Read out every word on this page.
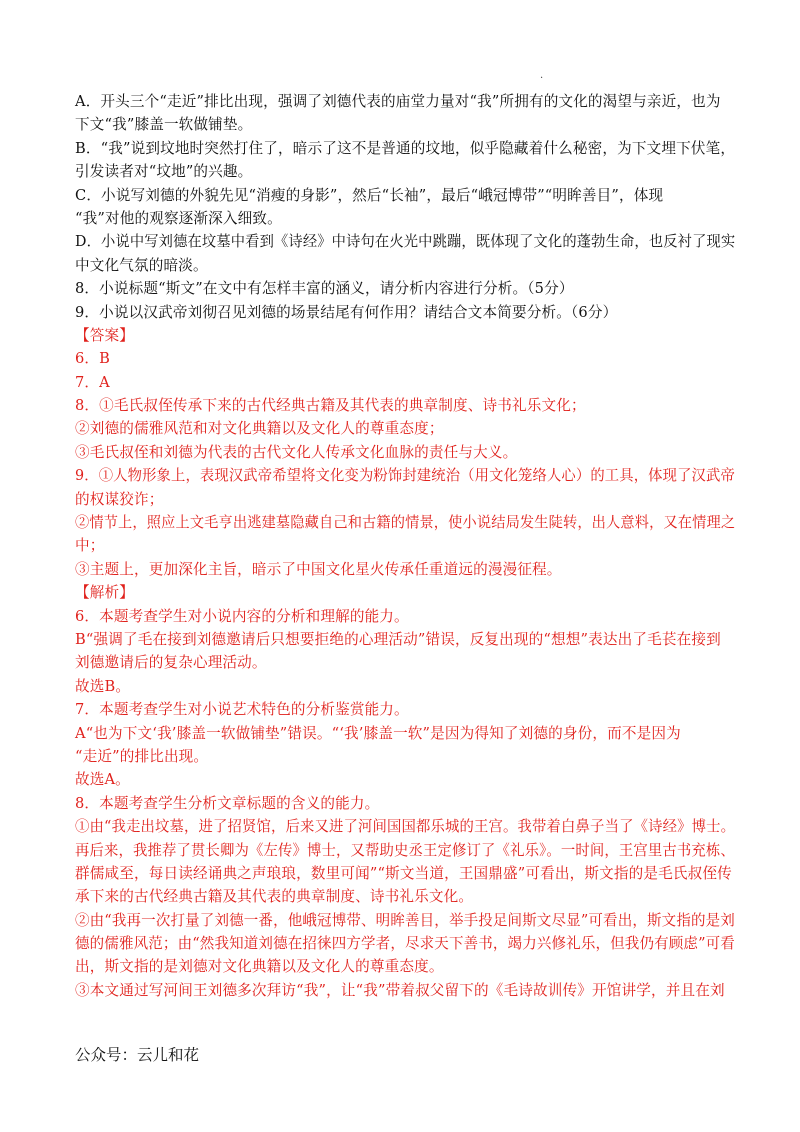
.
A．开头三个“走近”排比出现，强调了刘德代表的庙堂力量对“我”所拥有的文化的渴望与亲近，也为
下文“我”膝盖一软做铺垫。
B．“我”说到坟地时突然打住了，暗示了这不是普通的坟地，似乎隐藏着什么秘密，为下文埋下伏笔，
引发读者对“坟地”的兴趣。
C．小说写刘德的外貌先见“消瘦的身影”，然后“长袖”，最后“峨冠博带”“明眸善目”，体现
“我”对他的观察逐渐深入细致。
D．小说中写刘德在坟墓中看到《诗经》中诗句在火光中跳蹦，既体现了文化的蓬勃生命，也反衬了现实
中文化气氛的暗淡。
8．小说标题“斯文”在文中有怎样丰富的涵义，请分析内容进行分析。（5分）
9．小说以汉武帝刘彻召见刘德的场景结尾有何作用？请结合文本简要分析。（6分）
【答案】
6．B
7．A
8．①毛氏叔侄传承下来的古代经典古籍及其代表的典章制度、诗书礼乐文化；
②刘德的儒雅风范和对文化典籍以及文化人的尊重态度；
③毛氏叔侄和刘德为代表的古代文化人传承文化血脉的责任与大义。
9．①人物形象上，表现汉武帝希望将文化变为粉饰封建统治（用文化笼络人心）的工具，体现了汉武帝
的权谋狡诈；
②情节上，照应上文毛亨出逃建墓隐藏自己和古籍的情景，使小说结局发生陡转，出人意料，又在情理之
中；
③主题上，更加深化主旨，暗示了中国文化星火传承任重道远的漫漫征程。
【解析】
6．本题考查学生对小说内容的分析和理解的能力。
B“强调了毛在接到刘德邀请后只想要拒绝的心理活动”错误，反复出现的“想想”表达出了毛苌在接到
刘德邀请后的复杂心理活动。
故选B。
7．本题考查学生对小说艺术特色的分析鉴赏能力。
A“也为下文‘我’膝盖一软做铺垫”错误。“‘我’膝盖一软”是因为得知了刘德的身份，而不是因为
“走近”的排比出现。
故选A。
8．本题考查学生分析文章标题的含义的能力。
①由“我走出坟墓，进了招贤馆，后来又进了河间国国都乐城的王宫。我带着白鼻子当了《诗经》博士。
再后来，我推荐了贯长卿为《左传》博士，又帮助史丞王定修订了《礼乐》。一时间，王宫里古书充栋、
群儒咸至，每日读经诵典之声琅琅，数里可闻”“斯文当道，王国鼎盛”可看出，斯文指的是毛氏叔侄传
承下来的古代经典古籍及其代表的典章制度、诗书礼乐文化。
②由“我再一次打量了刘德一番，他峨冠博带、明眸善目，举手投足间斯文尽显”可看出，斯文指的是刘
德的儒雅风范；由“然我知道刘德在招徕四方学者，尽求天下善书，竭力兴修礼乐，但我仍有顾虑”可看
出，斯文指的是刘德对文化典籍以及文化人的尊重态度。
③本文通过写河间王刘德多次拜访“我”，让“我”带着叔父留下的《毛诗故训传》开馆讲学，并且在刘
公众号：云儿和花
